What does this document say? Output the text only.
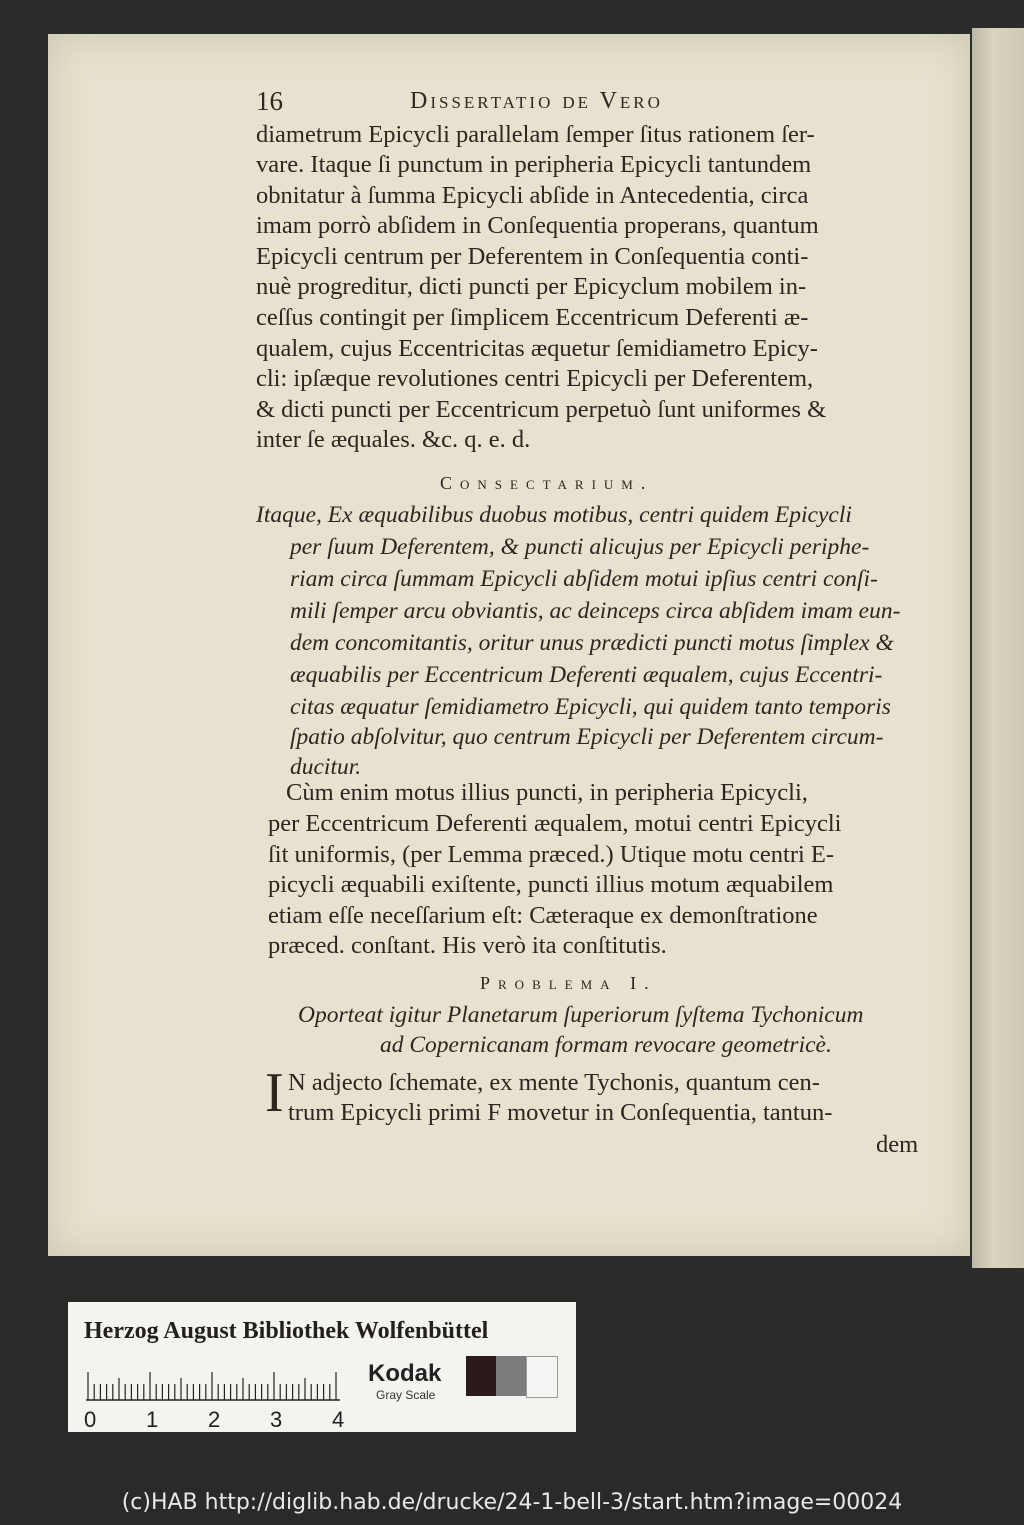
16	Dissertatio de Vero
diametrum Epicycli parallelam ſemper ſitus rationem ſer-
vare. Itaque ſi punctum in peripheria Epicycli tantundem
obnitatur à ſumma Epicycli abſide in Antecedentia, circa
imam porrò abſidem in Conſequentia properans, quantum
Epicycli centrum per Deferentem in Conſequentia conti-
nuè progreditur, dicti puncti per Epicyclum mobilem in-
ceſſus contingit per ſimplicem Eccentricum Deferenti æ-
qualem, cujus Eccentricitas æquetur ſemidiametro Epicy-
cli: ipſæque revolutiones centri Epicycli per Deferentem,
& dicti puncti per Eccentricum perpetuò ſunt uniformes &
inter ſe æquales. &c. q. e. d.
Consectarium.
Itaque, Ex æquabilibus duobus motibus, centri quidem Epicycli
per ſuum Deferentem, & puncti alicujus per Epicycli periphe-
riam circa ſummam Epicycli abſidem motui ipſius centri conſi-
mili ſemper arcu obviantis, ac deinceps circa abſidem imam eun-
dem concomitantis, oritur unus prædicti puncti motus ſimplex &
æquabilis per Eccentricum Deferenti æqualem, cujus Eccentri-
citas æquatur ſemidiametro Epicycli, qui quidem tanto temporis
ſpatio abſolvitur, quo centrum Epicycli per Deferentem circum-
ducitur.
Cùm enim motus illius puncti, in peripheria Epicycli,
per Eccentricum Deferenti æqualem, motui centri Epicycli
ſit uniformis, (per Lemma præced.) Utique motu centri E-
picycli æquabili exiſtente, puncti illius motum æquabilem
etiam eſſe neceſſarium eſt: Cæteraque ex demonſtratione
præced. conſtant. His verò ita conſtitutis.
Problema I.
Oporteat igitur Planetarum ſuperiorum ſyſtema Tychonicum
ad Copernicanam formam revocare geometricè.
I N adjecto ſchemate, ex mente Tychonis, quantum cen-
trum Epicycli primi F movetur in Conſequentia, tantun-
dem
Herzog August Bibliothek Wolfenbüttel
0 1 2 3 4
Kodak
Gray Scale
(c)HAB http://diglib.hab.de/drucke/24-1-bell-3/start.htm?image=00024
